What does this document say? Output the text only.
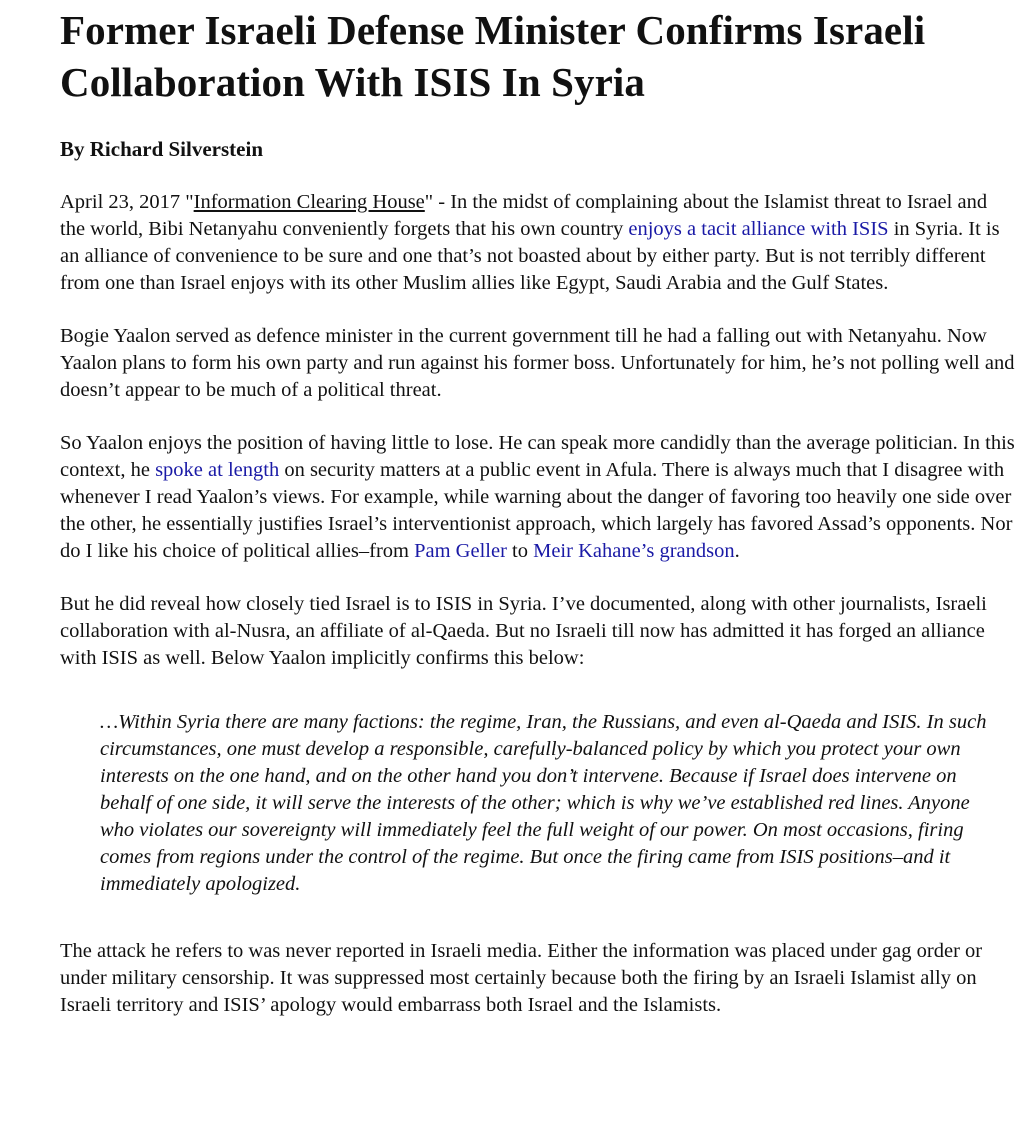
Former Israeli Defense Minister Confirms Israeli Collaboration With ISIS In Syria
By Richard Silverstein

April 23, 2017 "Information Clearing House" - In the midst of complaining about the Islamist threat to Israel and the world, Bibi Netanyahu conveniently forgets that his own country enjoys a tacit alliance with ISIS in Syria. It is an alliance of convenience to be sure and one that’s not boasted about by either party. But is not terribly different from one than Israel enjoys with its other Muslim allies like Egypt, Saudi Arabia and the Gulf States.

Bogie Yaalon served as defence minister in the current government till he had a falling out with Netanyahu. Now Yaalon plans to form his own party and run against his former boss. Unfortunately for him, he’s not polling well and doesn’t appear to be much of a political threat.

So Yaalon enjoys the position of having little to lose. He can speak more candidly than the average politician. In this context, he spoke at length on security matters at a public event in Afula. There is always much that I disagree with whenever I read Yaalon’s views. For example, while warning about the danger of favoring too heavily one side over the other, he essentially justifies Israel’s interventionist approach, which largely has favored Assad’s opponents. Nor do I like his choice of political allies–from Pam Geller to Meir Kahane’s grandson.

But he did reveal how closely tied Israel is to ISIS in Syria. I’ve documented, along with other journalists, Israeli collaboration with al-Nusra, an affiliate of al-Qaeda. But no Israeli till now has admitted it has forged an alliance with ISIS as well. Below Yaalon implicitly confirms this below:

…Within Syria there are many factions: the regime, Iran, the Russians, and even al-Qaeda and ISIS. In such circumstances, one must develop a responsible, carefully-balanced policy by which you protect your own interests on the one hand, and on the other hand you don’t intervene. Because if Israel does intervene on behalf of one side, it will serve the interests of the other; which is why we’ve established red lines. Anyone who violates our sovereignty will immediately feel the full weight of our power. On most occasions, firing comes from regions under the control of the regime. But once the firing came from ISIS positions–and it immediately apologized.

The attack he refers to was never reported in Israeli media. Either the information was placed under gag order or under military censorship. It was suppressed most certainly because both the firing by an Israeli Islamist ally on Israeli territory and ISIS’ apology would embarrass both Israel and the Islamists.
